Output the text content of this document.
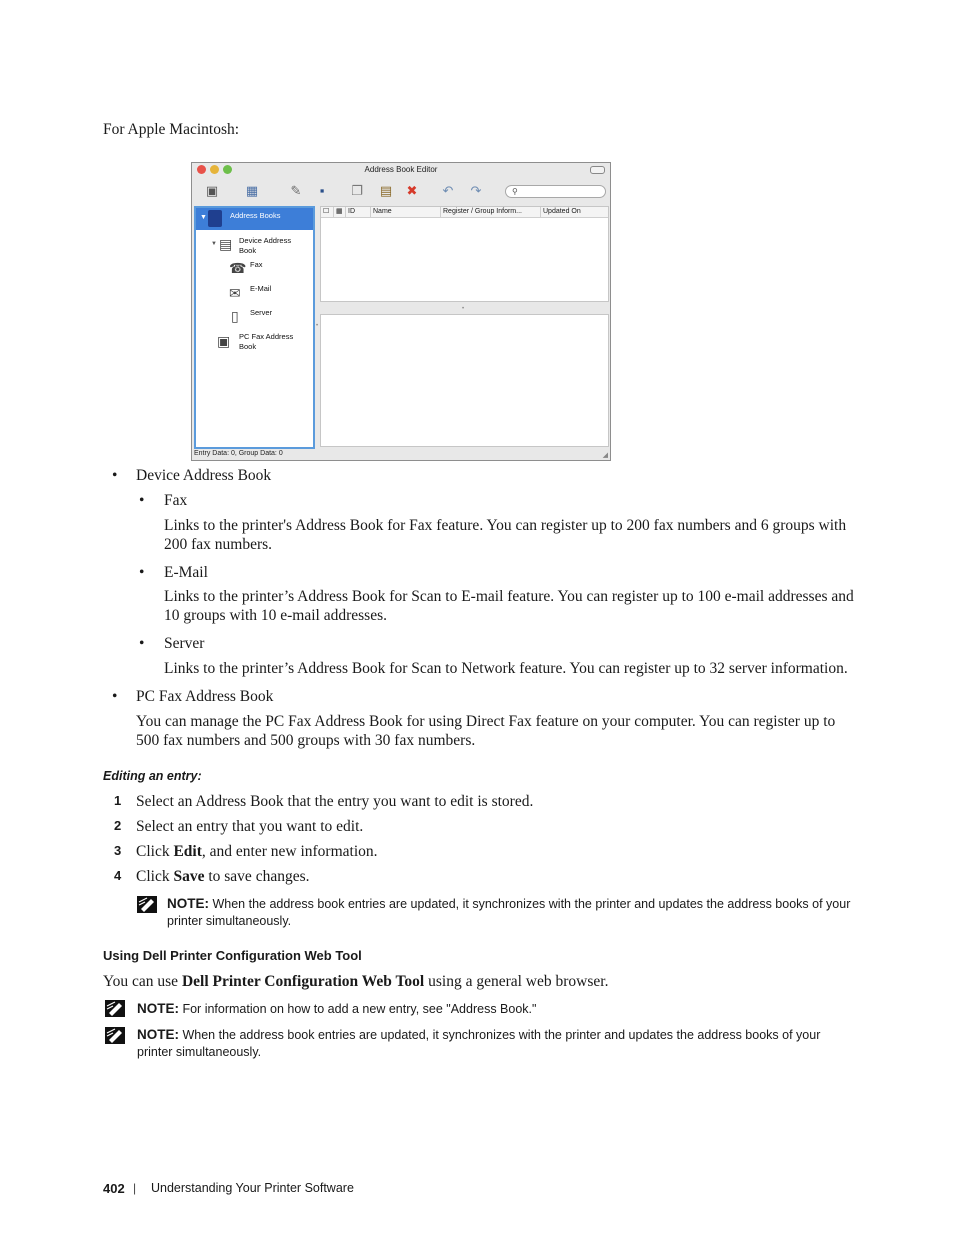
For Apple Macintosh:
Address Book Editor
▣ ▦ ✎	▪	❐ ▤ ✖ ↶ ↷	⚲
▼	Address Books
▼ ▤ Device Address
Book
☎ Fax
✉ E-Mail
▯ Server
▣ PC Fax Address
Book
☐ ▦ ID	Name	Register / Group Inform...	Updated On
•
•
Entry Data: 0, Group Data: 0	◢
• Device Address Book
• Fax
Links to the printer's Address Book for Fax feature. You can register up to 200 fax numbers and 6 groups with
200 fax numbers.
• E-Mail
Links to the printer’s Address Book for Scan to E-mail feature. You can register up to 100 e-mail addresses and
10 groups with 10 e-mail addresses.
• Server
Links to the printer’s Address Book for Scan to Network feature. You can register up to 32 server information.
• PC Fax Address Book
You can manage the PC Fax Address Book for using Direct Fax feature on your computer. You can register up to
500 fax numbers and 500 groups with 30 fax numbers.
Editing an entry:
1 Select an Address Book that the entry you want to edit is stored.
2 Select an entry that you want to edit.
3 Click Edit, and enter new information.
4 Click Save to save changes.
NOTE: When the address book entries are updated, it synchronizes with the printer and updates the address books of your
printer simultaneously.
Using Dell Printer Configuration Web Tool
You can use Dell Printer Configuration Web Tool using a general web browser.
NOTE: For information on how to add a new entry, see "Address Book."
NOTE: When the address book entries are updated, it synchronizes with the printer and updates the address books of your
printer simultaneously.
402 | Understanding Your Printer Software
